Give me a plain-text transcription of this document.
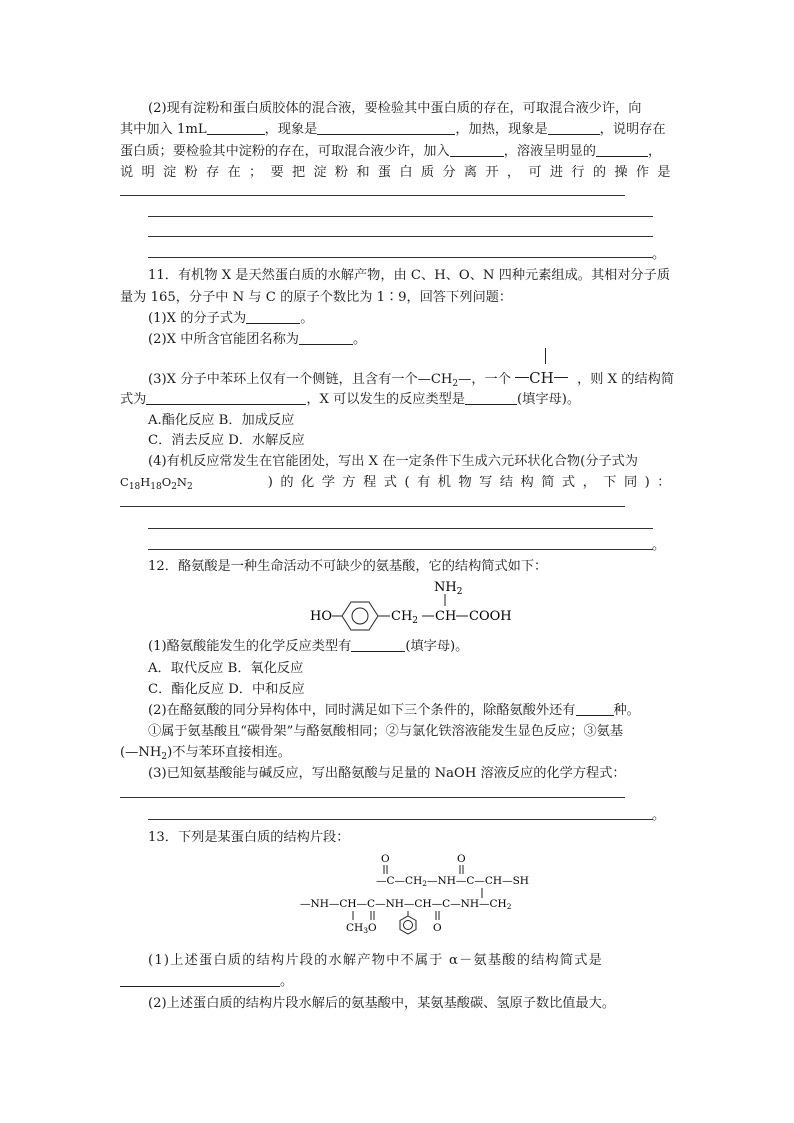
(2)现有淀粉和蛋白质胶体的混合液，要检验其中蛋白质的存在，可取混合液少许，向
其中加入 1mL	，现象是	，加热，现象是	，说明存在
蛋白质；要检验其中淀粉的存在，可取混合液少许，加入	，溶液呈明显的	，
说明淀粉存在；要把淀粉和蛋白质分离开，可进行的操作是
。
11．有机物 X 是天然蛋白质的水解产物，由 C、H、O、N 四种元素组成。其相对分子质
量为 165，分子中 N 与 C 的原子个数比为 1∶9，回答下列问题：
(1)X 的分子式为	。
(2)X 中所含官能团名称为	。
(3)X 分子中苯环上仅有一个侧链，且含有一个$—CH_2—$，一个 CH ，则 X 的结构简
式为	，X 可以发生的反应类型是	(填字母)。
A.酯化反应 B．加成反应
C．消去反应 D．水解反应
(4)有机反应常发生在官能团处，写出 X 在一定条件下生成六元环状化合物(分子式为
$C_{18}H_{18}O_2N_2$	)的化学方程式(有机物写结构简式，下同)：
。
12．酪氨酸是一种生命活动不可缺少的氨基酸，它的结构简式如下：
HO	$CH_2$ CH
$NH_2$
COOH
(1)酪氨酸能发生的化学反应类型有	(填字母)。
A．取代反应 B．氧化反应
C．酯化反应 D．中和反应
(2)在酪氨酸的同分异构体中，同时满足如下三个条件的，除酪氨酸外还有	种。
①属于氨基酸且“碳骨架”与酪氨酸相同；②与氯化铁溶液能发生显色反应；③氨基
$(—NH_2)$不与苯环直接相连。
(3)已知氨基酸能与碱反应，写出酪氨酸与足量的 NaOH 溶液反应的化学方程式：
。
13．下列是某蛋白质的结构片段：
O	O
—C—CH2—NH—C—CH—SH
—NH—CH—C—NH—CH—C—NH—CH2
CH3 O	O
(1)上述蛋白质的结构片段的水解产物中不属于 α－氨基酸的结构简式是
。
(2)上述蛋白质的结构片段水解后的氨基酸中，某氨基酸碳、氢原子数比值最大。
